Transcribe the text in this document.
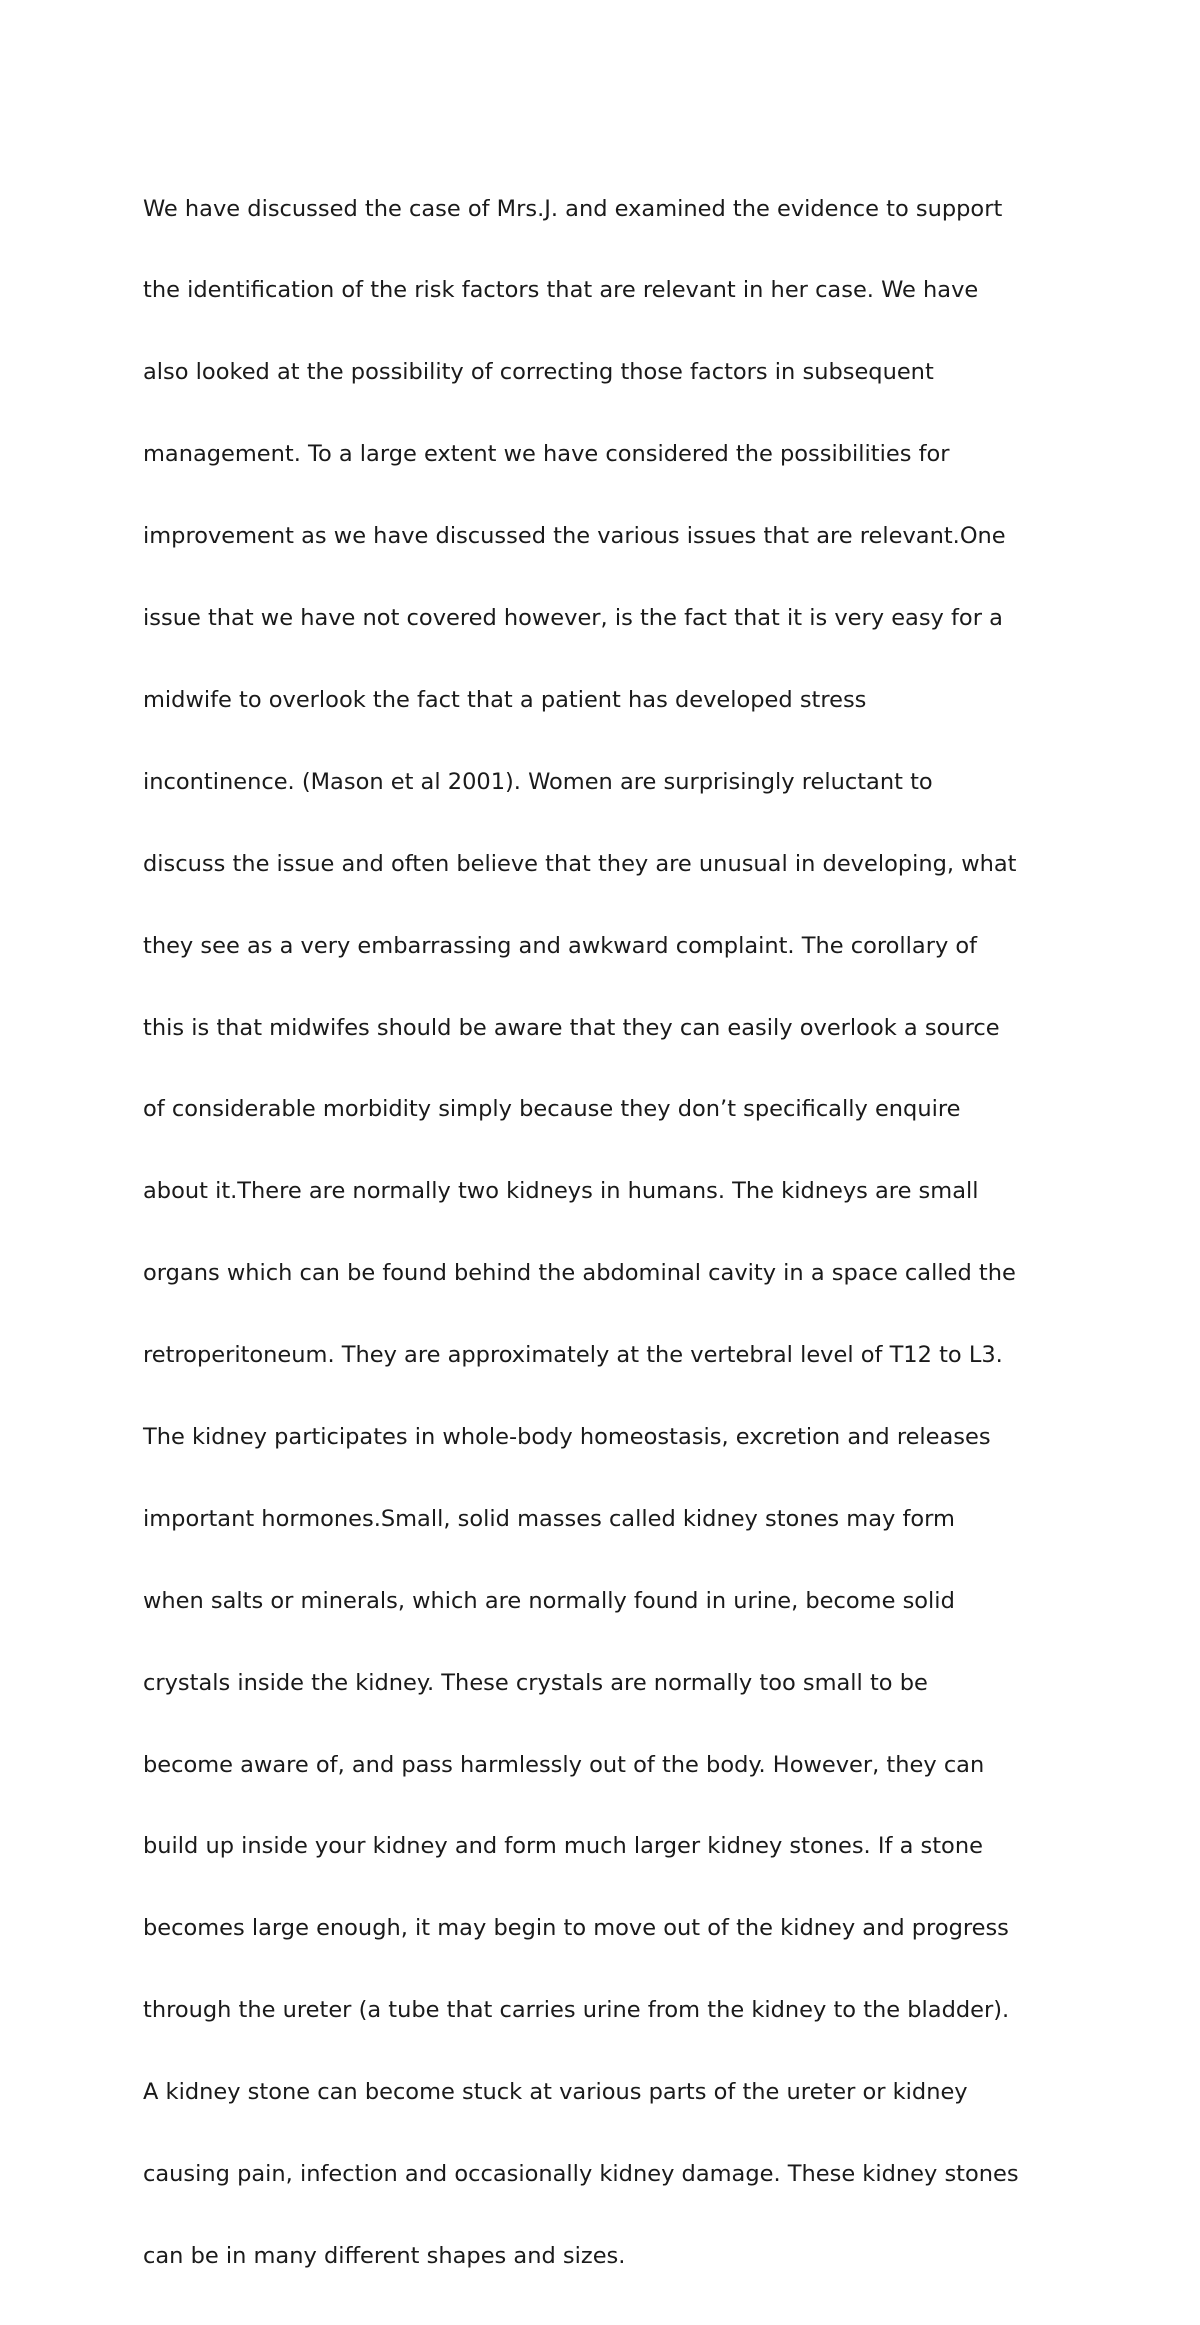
We have discussed the case of Mrs.J. and examined the evidence to support

the identification of the risk factors that are relevant in her case. We have

also looked at the possibility of correcting those factors in subsequent

management. To a large extent we have considered the possibilities for

improvement as we have discussed the various issues that are relevant.One

issue that we have not covered however, is the fact that it is very easy for a

midwife to overlook the fact that a patient has developed stress

incontinence. (Mason et al 2001). Women are surprisingly reluctant to

discuss the issue and often believe that they are unusual in developing, what

they see as a very embarrassing and awkward complaint. The corollary of

this is that midwifes should be aware that they can easily overlook a source

of considerable morbidity simply because they don’t specifically enquire

about it.There are normally two kidneys in humans. The kidneys are small

organs which can be found behind the abdominal cavity in a space called the

retroperitoneum. They are approximately at the vertebral level of T12 to L3.

The kidney participates in whole-body homeostasis, excretion and releases

important hormones.Small, solid masses called kidney stones may form

when salts or minerals, which are normally found in urine, become solid

crystals inside the kidney. These crystals are normally too small to be

become aware of, and pass harmlessly out of the body. However, they can

build up inside your kidney and form much larger kidney stones. If a stone

becomes large enough, it may begin to move out of the kidney and progress

through the ureter (a tube that carries urine from the kidney to the bladder).

A kidney stone can become stuck at various parts of the ureter or kidney

causing pain, infection and occasionally kidney damage. These kidney stones

can be in many different shapes and sizes.
